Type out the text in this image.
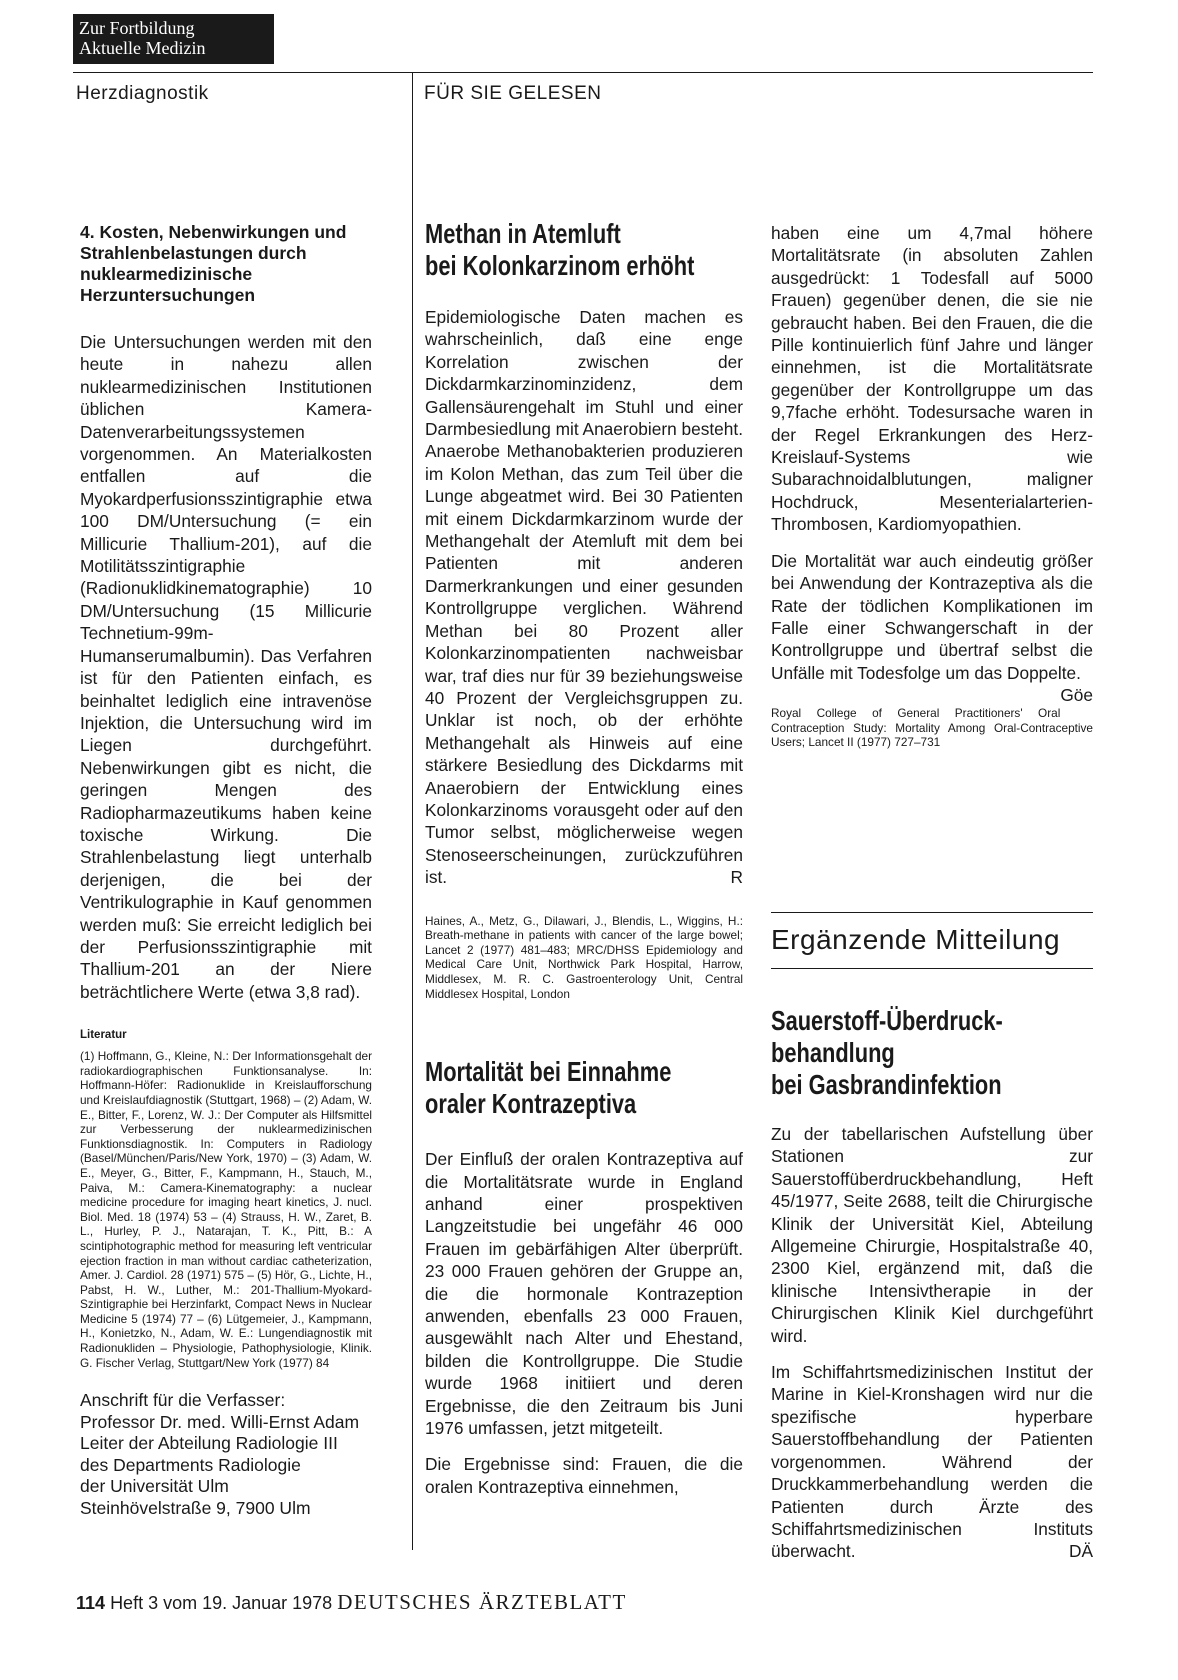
Zur Fortbildung
Aktuelle Medizin
Herzdiagnostik	FÜR SIE GELESEN
4. Kosten, Nebenwirkungen und Strahlenbelastungen durch nuklearmedizinische Herzuntersuchungen

Die Untersuchungen werden mit den heute in nahezu allen nuklearmedizinischen Institutionen üblichen Kamera-Datenverarbeitungssystemen vorgenommen. An Materialkosten entfallen auf die Myokardperfusionsszintigraphie etwa 100 DM/Untersuchung (= ein Millicurie Thallium-201), auf die Motilitätsszintigraphie (Radionuklidkinematographie) 10 DM/Untersuchung (15 Millicurie Technetium-99m-Humanserumalbumin). Das Verfahren ist für den Patienten einfach, es beinhaltet lediglich eine intravenöse Injektion, die Untersuchung wird im Liegen durchgeführt. Nebenwirkungen gibt es nicht, die geringen Mengen des Radiopharmazeutikums haben keine toxische Wirkung. Die Strahlenbelastung liegt unterhalb derjenigen, die bei der Ventrikulographie in Kauf genommen werden muß: Sie erreicht lediglich bei der Perfusionsszintigraphie mit Thallium-201 an der Niere beträchtlichere Werte (etwa 3,8 rad).

Literatur
(1) Hoffmann, G., Kleine, N.: Der Informationsgehalt der radiokardiographischen Funktionsanalyse. In: Hoffmann-Höfer: Radionuklide in Kreislaufforschung und Kreislaufdiagnostik (Stuttgart, 1968) – (2) Adam, W. E., Bitter, F., Lorenz, W. J.: Der Computer als Hilfsmittel zur Verbesserung der nuklearmedizinischen Funktionsdiagnostik. In: Computers in Radiology (Basel/München/Paris/New York, 1970) – (3) Adam, W. E., Meyer, G., Bitter, F., Kampmann, H., Stauch, M., Paiva, M.: Camera-Kinematography: a nuclear medicine procedure for imaging heart kinetics, J. nucl. Biol. Med. 18 (1974) 53 – (4) Strauss, H. W., Zaret, B. L., Hurley, P. J., Natarajan, T. K., Pitt, B.: A scintiphotographic method for measuring left ventricular ejection fraction in man without cardiac catheterization, Amer. J. Cardiol. 28 (1971) 575 – (5) Hör, G., Lichte, H., Pabst, H. W., Luther, M.: 201-Thallium-Myokard-Szintigraphie bei Herzinfarkt, Compact News in Nuclear Medicine 5 (1974) 77 – (6) Lütgemeier, J., Kampmann, H., Konietzko, N., Adam, W. E.: Lungendiagnostik mit Radionukliden – Physiologie, Pathophysiologie, Klinik. G. Fischer Verlag, Stuttgart/New York (1977) 84
Anschrift für die Verfasser:
Professor Dr. med. Willi-Ernst Adam
Leiter der Abteilung Radiologie III
des Departments Radiologie
der Universität Ulm
Steinhövelstraße 9, 7900 Ulm
Methan in Atemluft
bei Kolonkarzinom erhöht

Epidemiologische Daten machen es wahrscheinlich, daß eine enge Korrelation zwischen der Dickdarmkarzinominzidenz, dem Gallensäurengehalt im Stuhl und einer Darmbesiedlung mit Anaerobiern besteht. Anaerobe Methanobakterien produzieren im Kolon Methan, das zum Teil über die Lunge abgeatmet wird. Bei 30 Patienten mit einem Dickdarmkarzinom wurde der Methangehalt der Atemluft mit dem bei Patienten mit anderen Darmerkrankungen und einer gesunden Kontrollgruppe verglichen. Während Methan bei 80 Prozent aller Kolonkarzinompatienten nachweisbar war, traf dies nur für 39 beziehungsweise 40 Prozent der Vergleichsgruppen zu. Unklar ist noch, ob der erhöhte Methangehalt als Hinweis auf eine stärkere Besiedlung des Dickdarms mit Anaerobiern der Entwicklung eines Kolonkarzinoms vorausgeht oder auf den Tumor selbst, möglicherweise wegen Stenoseerscheinungen, zurückzuführen ist.	R

Haines, A., Metz, G., Dilawari, J., Blendis, L., Wiggins, H.: Breath-methane in patients with cancer of the large bowel; Lancet 2 (1977) 481–483; MRC/DHSS Epidemiology and Medical Care Unit, Northwick Park Hospital, Harrow, Middlesex, M. R. C. Gastroenterology Unit, Central Middlesex Hospital, London
Mortalität bei Einnahme
oraler Kontrazeptiva

Der Einfluß der oralen Kontrazeptiva auf die Mortalitätsrate wurde in England anhand einer prospektiven Langzeitstudie bei ungefähr 46 000 Frauen im gebärfähigen Alter überprüft. 23 000 Frauen gehören der Gruppe an, die die hormonale Kontrazeption anwenden, ebenfalls 23 000 Frauen, ausgewählt nach Alter und Ehestand, bilden die Kontrollgruppe. Die Studie wurde 1968 initiiert und deren Ergebnisse, die den Zeitraum bis Juni 1976 umfassen, jetzt mitgeteilt.

Die Ergebnisse sind: Frauen, die die oralen Kontrazeptiva einnehmen,

haben eine um 4,7mal höhere Mortalitätsrate (in absoluten Zahlen ausgedrückt: 1 Todesfall auf 5000 Frauen) gegenüber denen, die sie nie gebraucht haben. Bei den Frauen, die die Pille kontinuierlich fünf Jahre und länger einnehmen, ist die Mortalitätsrate gegenüber der Kontrollgruppe um das 9,7fache erhöht. Todesursache waren in der Regel Erkrankungen des Herz-Kreislauf-Systems wie Subarachnoidalblutungen, maligner Hochdruck, Mesenterialarterien-Thrombosen, Kardiomyopathien.

Die Mortalität war auch eindeutig größer bei Anwendung der Kontrazeptiva als die Rate der tödlichen Komplikationen im Falle einer Schwangerschaft in der Kontrollgruppe und übertraf selbst die Unfälle mit Todesfolge um das Doppelte.
Göe

Royal College of General Practitioners' Oral Contraception Study: Mortality Among Oral-Contraceptive Users; Lancet II (1977) 727–731
Ergänzende Mitteilung
Sauerstoff-Überdruck-
behandlung
bei Gasbrandinfektion

Zu der tabellarischen Aufstellung über Stationen zur Sauerstoffüberdruckbehandlung, Heft 45/1977, Seite 2688, teilt die Chirurgische Klinik der Universität Kiel, Abteilung Allgemeine Chirurgie, Hospitalstraße 40, 2300 Kiel, ergänzend mit, daß die klinische Intensivtherapie in der Chirurgischen Klinik Kiel durchgeführt wird.

Im Schiffahrtsmedizinischen Institut der Marine in Kiel-Kronshagen wird nur die spezifische hyperbare Sauerstoffbehandlung der Patienten vorgenommen. Während der Druckkammerbehandlung werden die Patienten durch Ärzte des Schiffahrtsmedizinischen Instituts überwacht.	DÄ

114 Heft 3 vom 19. Januar 1978 DEUTSCHES ÄRZTEBLATT
